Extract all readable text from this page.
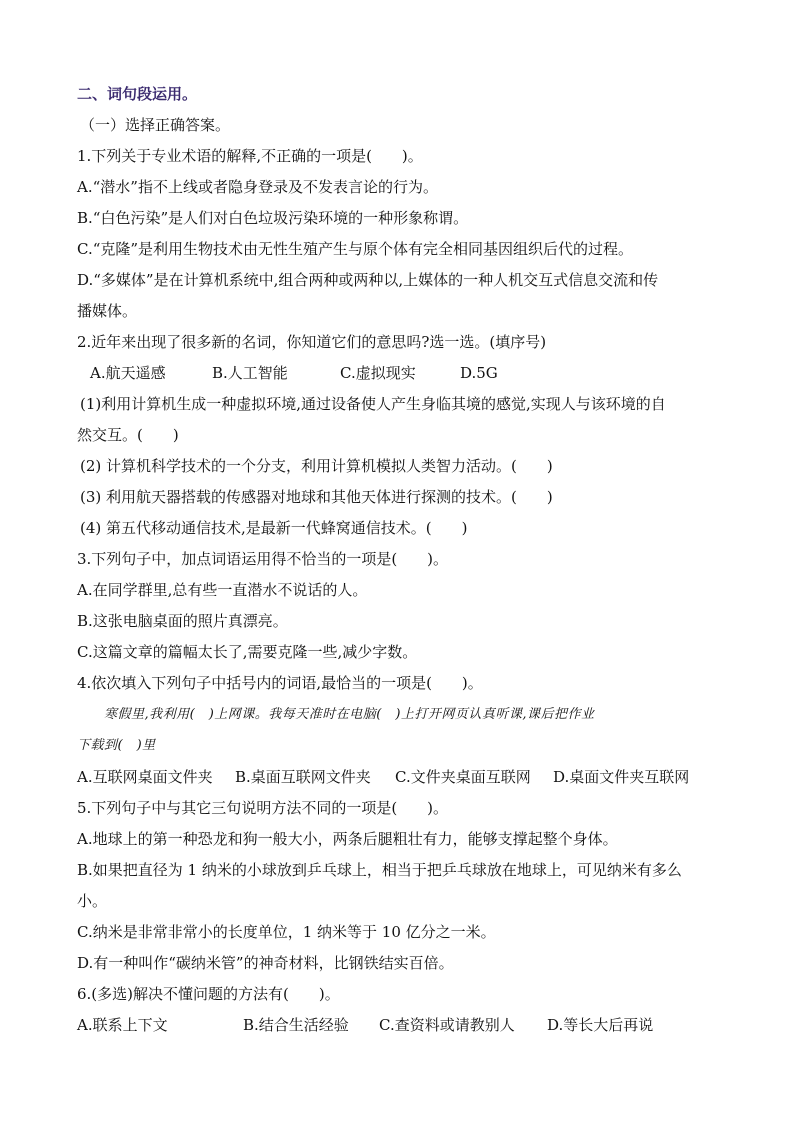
二、词句段运用。
（一）选择正确答案。
1.下列关于专业术语的解释,不正确的一项是(　　)。
A.“潜水”指不上线或者隐身登录及不发表言论的行为。
B.“白色污染”是人们对白色垃圾污染环境的一种形象称谓。
C.“克隆”是利用生物技术由无性生殖产生与原个体有完全相同基因组织后代的过程。
D.“多媒体”是在计算机系统中,组合两种或两种以,上媒体的一种人机交互式信息交流和传
播媒体。
2.近年来出现了很多新的名词，你知道它们的意思吗?选一选。(填序号)
A.航天遥感	B.人工智能	C.虚拟现实	D.5G
(1)利用计算机生成一种虚拟环境,通过设备使人产生身临其境的感觉,实现人与该环境的自
然交互。(　　)
(2) 计算机科学技术的一个分支，利用计算机模拟人类智力活动。(　　)
(3) 利用航天器搭载的传感器对地球和其他天体进行探测的技术。(　　)
(4) 第五代移动通信技术,是最新一代蜂窝通信技术。(　　)
3.下列句子中，加点词语运用得不恰当的一项是(　　)。
A.在同学群里,总有些一直潜水不说话的人。
B.这张电脑桌面的照片真漂亮。
C.这篇文章的篇幅太长了,需要克隆一些,减少字数。
4.依次填入下列句子中括号内的词语,最恰当的一项是(　　)。
寒假里,我利用(　)上网课。我每天准时在电脑(　)上打开网页认真听课,课后把作业
下载到(　)里
A.互联网桌面文件夹 B.桌面互联网文件夹 C.文件夹桌面互联网 D.桌面文件夹互联网
5.下列句子中与其它三句说明方法不同的一项是(　　)。
A.地球上的第一种恐龙和狗一般大小，两条后腿粗壮有力，能够支撑起整个身体。
B.如果把直径为 1 纳米的小球放到乒乓球上，相当于把乒乓球放在地球上，可见纳米有多么
小。
C.纳米是非常非常小的长度单位，1 纳米等于 10 亿分之一米。
D.有一种叫作“碳纳米管”的神奇材料，比钢铁结实百倍。
6.(多选)解决不懂问题的方法有(　　)。
A.联系上下文	B.结合生活经验 C.查资料或请教别人 D.等长大后再说
